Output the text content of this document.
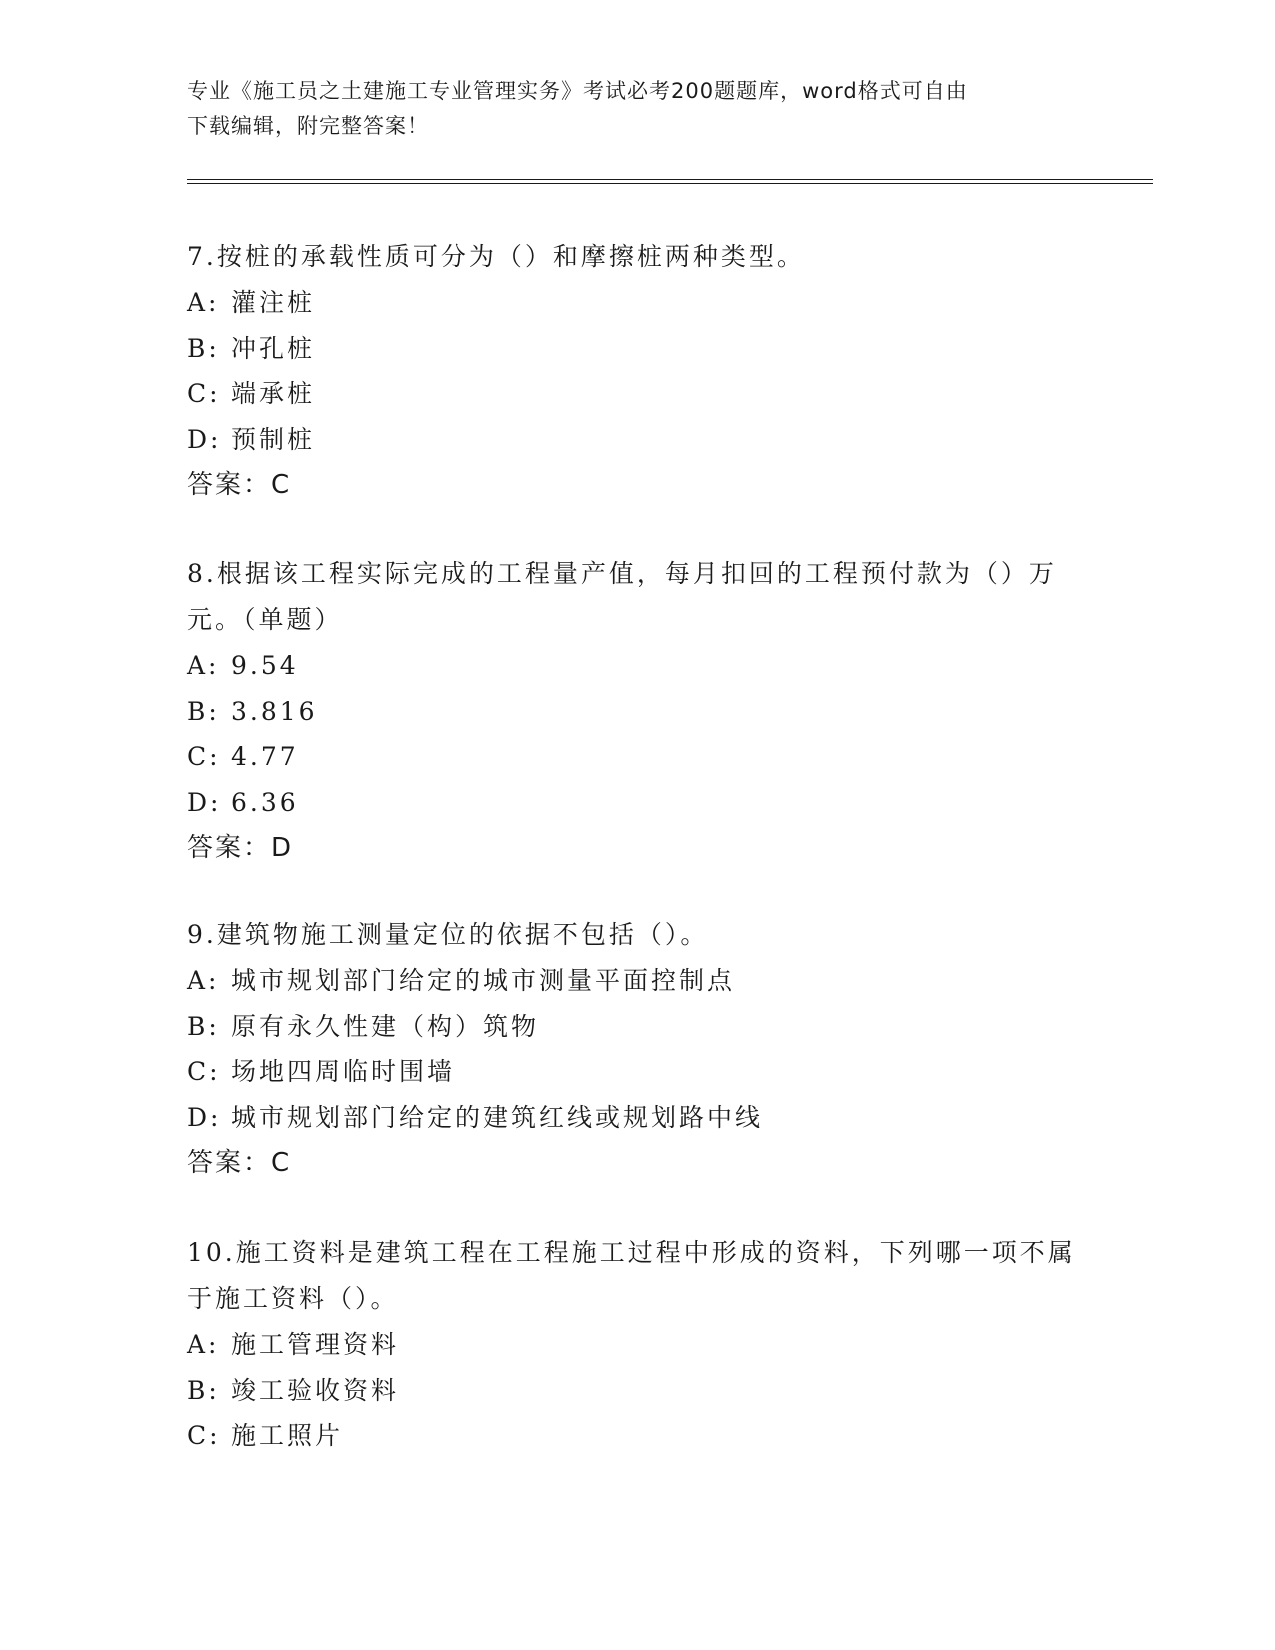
专业《施工员之土建施工专业管理实务》考试必考200题题库，word格式可自由
下载编辑，附完整答案！

7.按桩的承载性质可分为（）和摩擦桩两种类型。

A: 灌注桩

B: 冲孔桩

C: 端承桩

D: 预制桩

答案：C

8.根据该工程实际完成的工程量产值，每月扣回的工程预付款为（）万元。（单题）

A: 9.54

B: 3.816

C: 4.77

D: 6.36

答案：D

9.建筑物施工测量定位的依据不包括（）。

A: 城市规划部门给定的城市测量平面控制点

B: 原有永久性建（构）筑物

C: 场地四周临时围墙

D: 城市规划部门给定的建筑红线或规划路中线

答案：C

10.施工资料是建筑工程在工程施工过程中形成的资料，下列哪一项不属于施工资料（）。

A: 施工管理资料

B: 竣工验收资料

C: 施工照片
